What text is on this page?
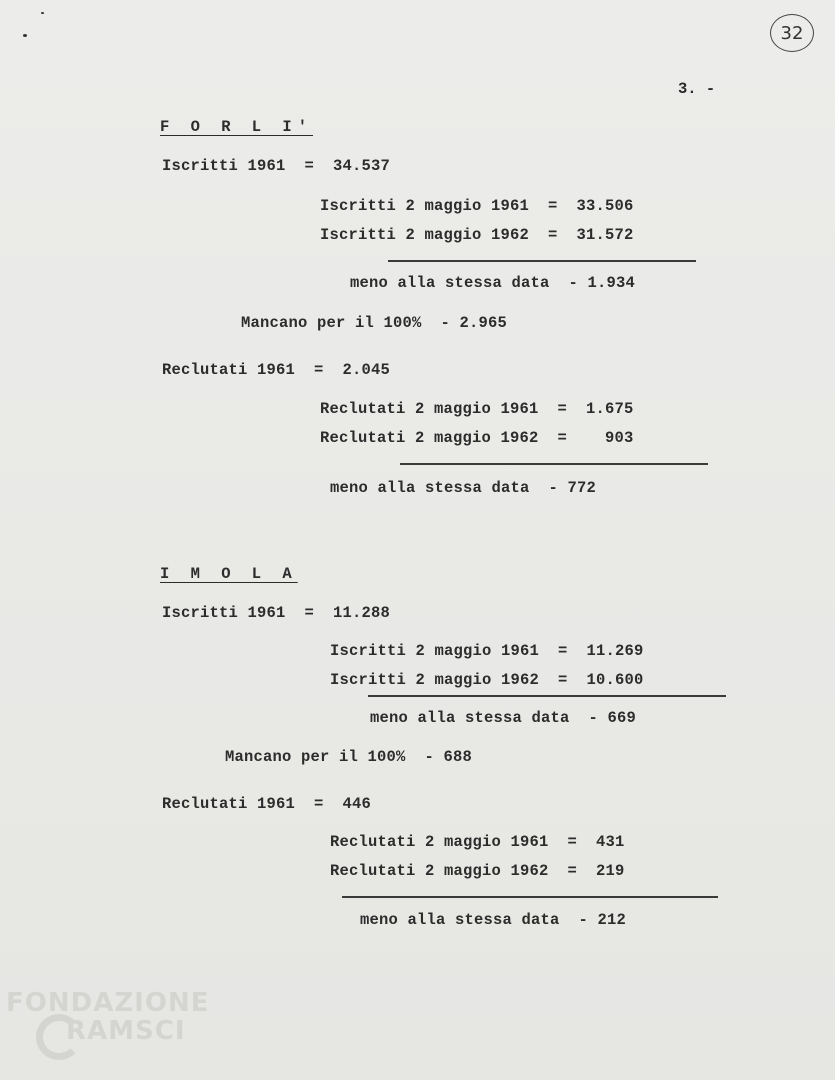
32
3. -
F O R L I'
Iscritti 1961  =  34.537
Iscritti 2 maggio 1961  =  33.506
Iscritti 2 maggio 1962  =  31.572
meno alla stessa data  - 1.934
Mancano per il 100%  - 2.965
Reclutati 1961  =  2.045
Reclutati 2 maggio 1961  =  1.675
Reclutati 2 maggio 1962  =    903
meno alla stessa data  - 772
I M O L A
Iscritti 1961  =  11.288
Iscritti 2 maggio 1961  =  11.269
Iscritti 2 maggio 1962  =  10.600
meno alla stessa data  - 669
Mancano per il 100%  - 688
Reclutati 1961  =  446
Reclutati 2 maggio 1961  =  431
Reclutati 2 maggio 1962  =  219
meno alla stessa data  - 212
FONDAZIONE
RAMSCI
